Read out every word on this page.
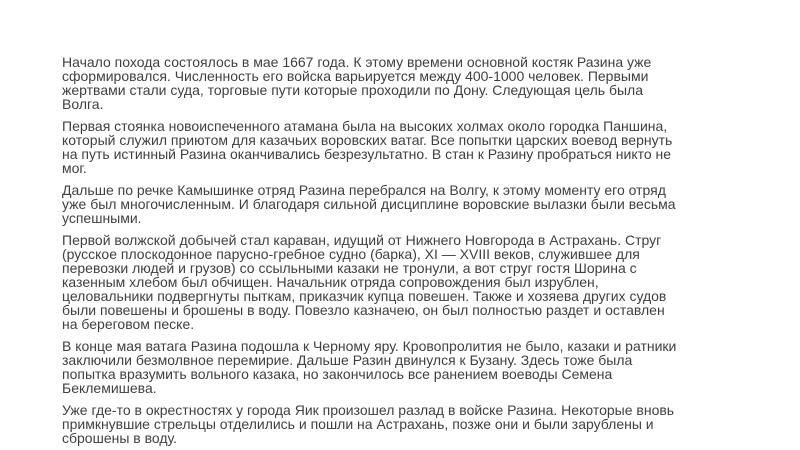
Начало похода состоялось в мае 1667 года. К этому времени основной костяк Разина уже
сформировался. Численность его войска варьируется между 400-1000 человек. Первыми
жертвами стали суда, торговые пути которые проходили по Дону. Следующая цель была
Волга.

Первая стоянка новоиспеченного атамана была на высоких холмах около городка Паншина,
который служил приютом для казачьих воровских ватаг. Все попытки царских воевод вернуть
на путь истинный Разина оканчивались безрезультатно. В стан к Разину пробраться никто не
мог.

Дальше по речке Камышинке отряд Разина перебрался на Волгу, к этому моменту его отряд
уже был многочисленным. И благодаря сильной дисциплине воровские вылазки были весьма
успешными.

Первой волжской добычей стал караван, идущий от Нижнего Новгорода в Астрахань. Струг
(русское плоскодонное парусно-гребное судно (барка), XI — XVIII веков, служившее для
перевозки людей и грузов) со ссыльными казаки не тронули, а вот струг гостя Шорина с
казенным хлебом был обчищен. Начальник отряда сопровождения был изрублен,
целовальники подвергнуты пыткам, приказчик купца повешен. Также и хозяева других судов
были повешены и брошены в воду. Повезло казначею, он был полностью раздет и оставлен
на береговом песке.

В конце мая ватага Разина подошла к Черному яру. Кровопролития не было, казаки и ратники
заключили безмолвное перемирие. Дальше Разин двинулся к Бузану. Здесь тоже была
попытка вразумить вольного казака, но закончилось все ранением воеводы Семена
Беклемишева.

Уже где-то в окрестностях у города Яик произошел разлад в войске Разина. Некоторые вновь
примкнувшие стрельцы отделились и пошли на Астрахань, позже они и были зарублены и
сброшены в воду.
